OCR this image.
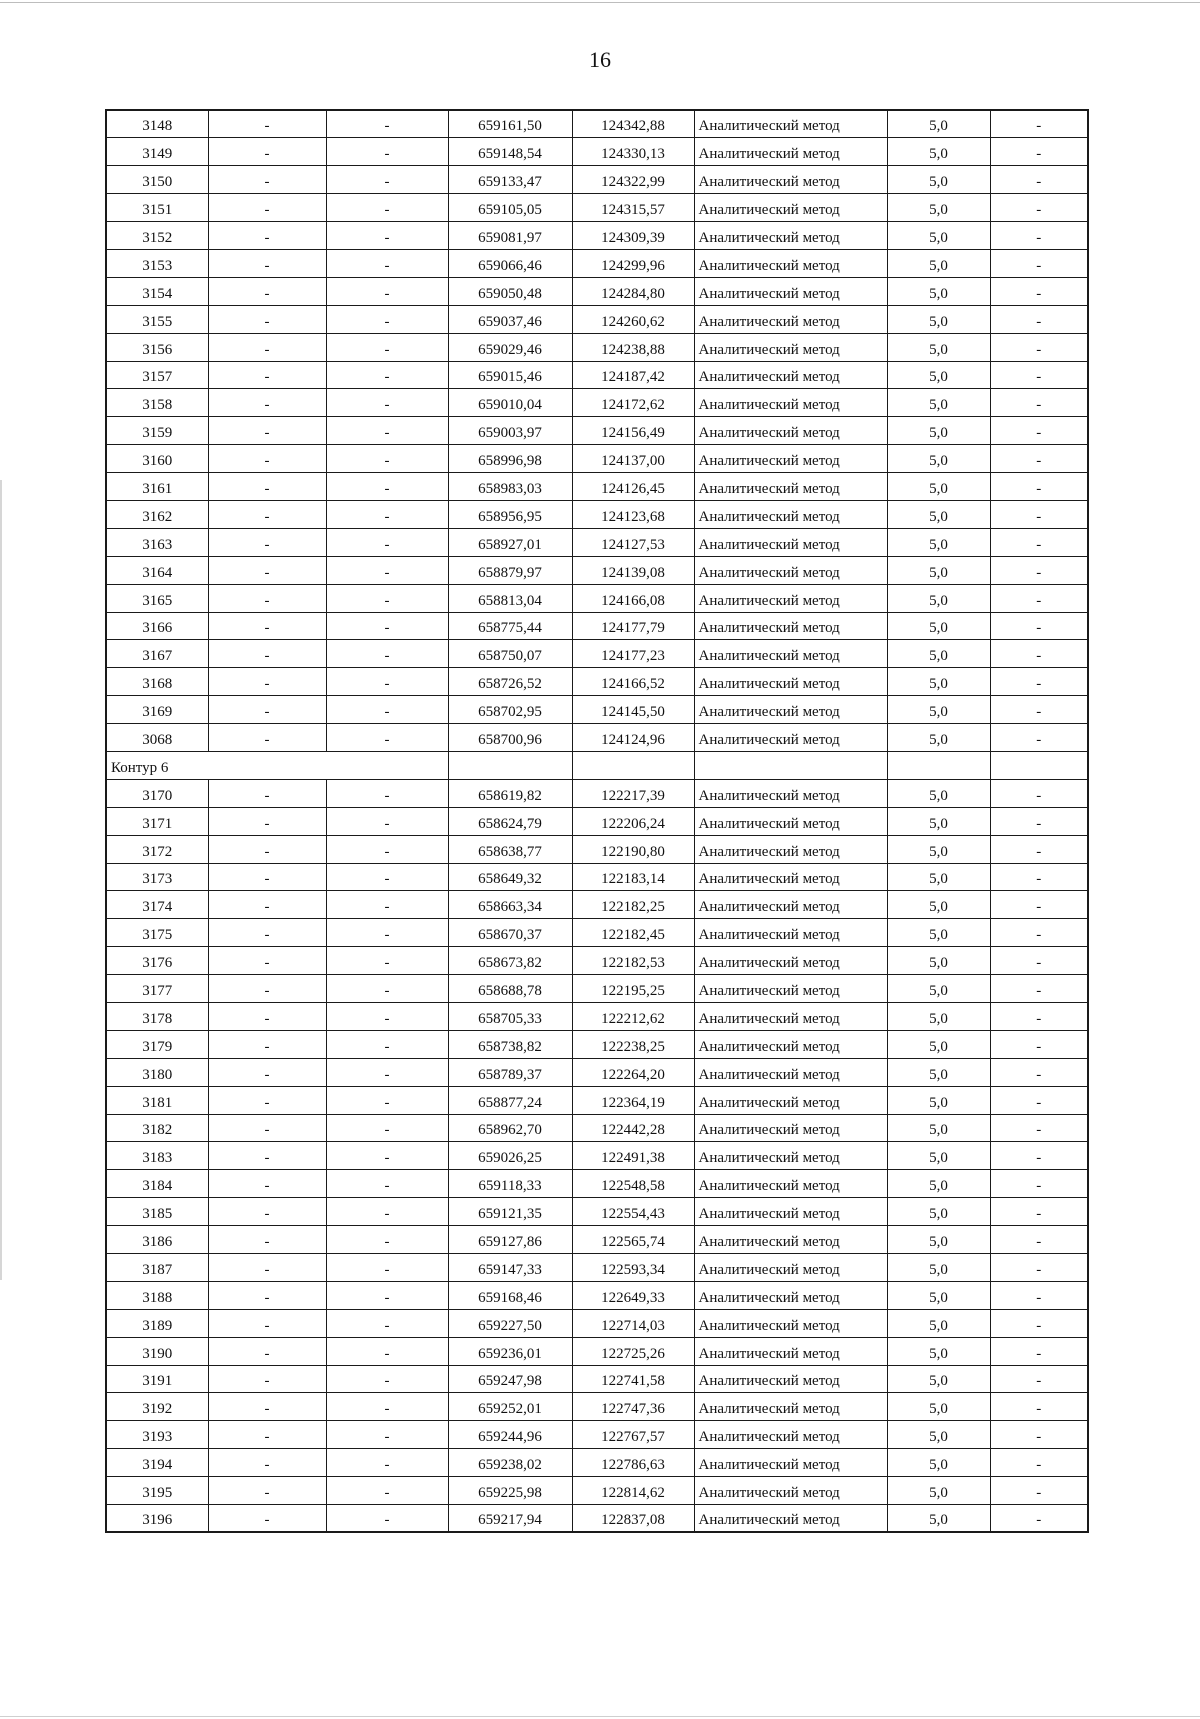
16
3148	-	-	659161,50	124342,88	Аналитический метод	5,0	-
3149	-	-	659148,54	124330,13	Аналитический метод	5,0	-
3150	-	-	659133,47	124322,99	Аналитический метод	5,0	-
3151	-	-	659105,05	124315,57	Аналитический метод	5,0	-
3152	-	-	659081,97	124309,39	Аналитический метод	5,0	-
3153	-	-	659066,46	124299,96	Аналитический метод	5,0	-
3154	-	-	659050,48	124284,80	Аналитический метод	5,0	-
3155	-	-	659037,46	124260,62	Аналитический метод	5,0	-
3156	-	-	659029,46	124238,88	Аналитический метод	5,0	-
3157	-	-	659015,46	124187,42	Аналитический метод	5,0	-
3158	-	-	659010,04	124172,62	Аналитический метод	5,0	-
3159	-	-	659003,97	124156,49	Аналитический метод	5,0	-
3160	-	-	658996,98	124137,00	Аналитический метод	5,0	-
3161	-	-	658983,03	124126,45	Аналитический метод	5,0	-
3162	-	-	658956,95	124123,68	Аналитический метод	5,0	-
3163	-	-	658927,01	124127,53	Аналитический метод	5,0	-
3164	-	-	658879,97	124139,08	Аналитический метод	5,0	-
3165	-	-	658813,04	124166,08	Аналитический метод	5,0	-
3166	-	-	658775,44	124177,79	Аналитический метод	5,0	-
3167	-	-	658750,07	124177,23	Аналитический метод	5,0	-
3168	-	-	658726,52	124166,52	Аналитический метод	5,0	-
3169	-	-	658702,95	124145,50	Аналитический метод	5,0	-
3068	-	-	658700,96	124124,96	Аналитический метод	5,0	-
Контур 6							
3170	-	-	658619,82	122217,39	Аналитический метод	5,0	-
3171	-	-	658624,79	122206,24	Аналитический метод	5,0	-
3172	-	-	658638,77	122190,80	Аналитический метод	5,0	-
3173	-	-	658649,32	122183,14	Аналитический метод	5,0	-
3174	-	-	658663,34	122182,25	Аналитический метод	5,0	-
3175	-	-	658670,37	122182,45	Аналитический метод	5,0	-
3176	-	-	658673,82	122182,53	Аналитический метод	5,0	-
3177	-	-	658688,78	122195,25	Аналитический метод	5,0	-
3178	-	-	658705,33	122212,62	Аналитический метод	5,0	-
3179	-	-	658738,82	122238,25	Аналитический метод	5,0	-
3180	-	-	658789,37	122264,20	Аналитический метод	5,0	-
3181	-	-	658877,24	122364,19	Аналитический метод	5,0	-
3182	-	-	658962,70	122442,28	Аналитический метод	5,0	-
3183	-	-	659026,25	122491,38	Аналитический метод	5,0	-
3184	-	-	659118,33	122548,58	Аналитический метод	5,0	-
3185	-	-	659121,35	122554,43	Аналитический метод	5,0	-
3186	-	-	659127,86	122565,74	Аналитический метод	5,0	-
3187	-	-	659147,33	122593,34	Аналитический метод	5,0	-
3188	-	-	659168,46	122649,33	Аналитический метод	5,0	-
3189	-	-	659227,50	122714,03	Аналитический метод	5,0	-
3190	-	-	659236,01	122725,26	Аналитический метод	5,0	-
3191	-	-	659247,98	122741,58	Аналитический метод	5,0	-
3192	-	-	659252,01	122747,36	Аналитический метод	5,0	-
3193	-	-	659244,96	122767,57	Аналитический метод	5,0	-
3194	-	-	659238,02	122786,63	Аналитический метод	5,0	-
3195	-	-	659225,98	122814,62	Аналитический метод	5,0	-
3196	-	-	659217,94	122837,08	Аналитический метод	5,0	-
